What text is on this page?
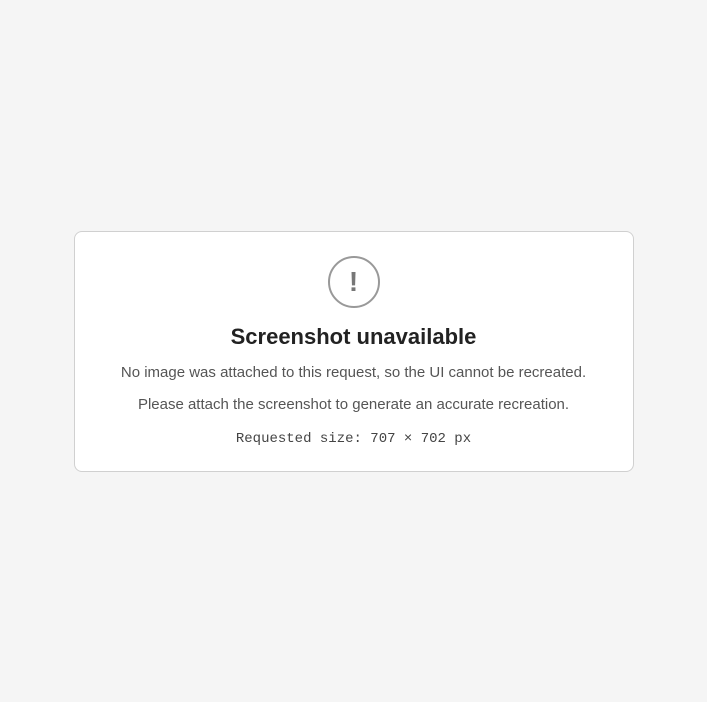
!
Screenshot unavailable

No image was attached to this request, so the UI cannot be recreated.

Please attach the screenshot to generate an accurate recreation.

Requested size: 707 × 702 px
